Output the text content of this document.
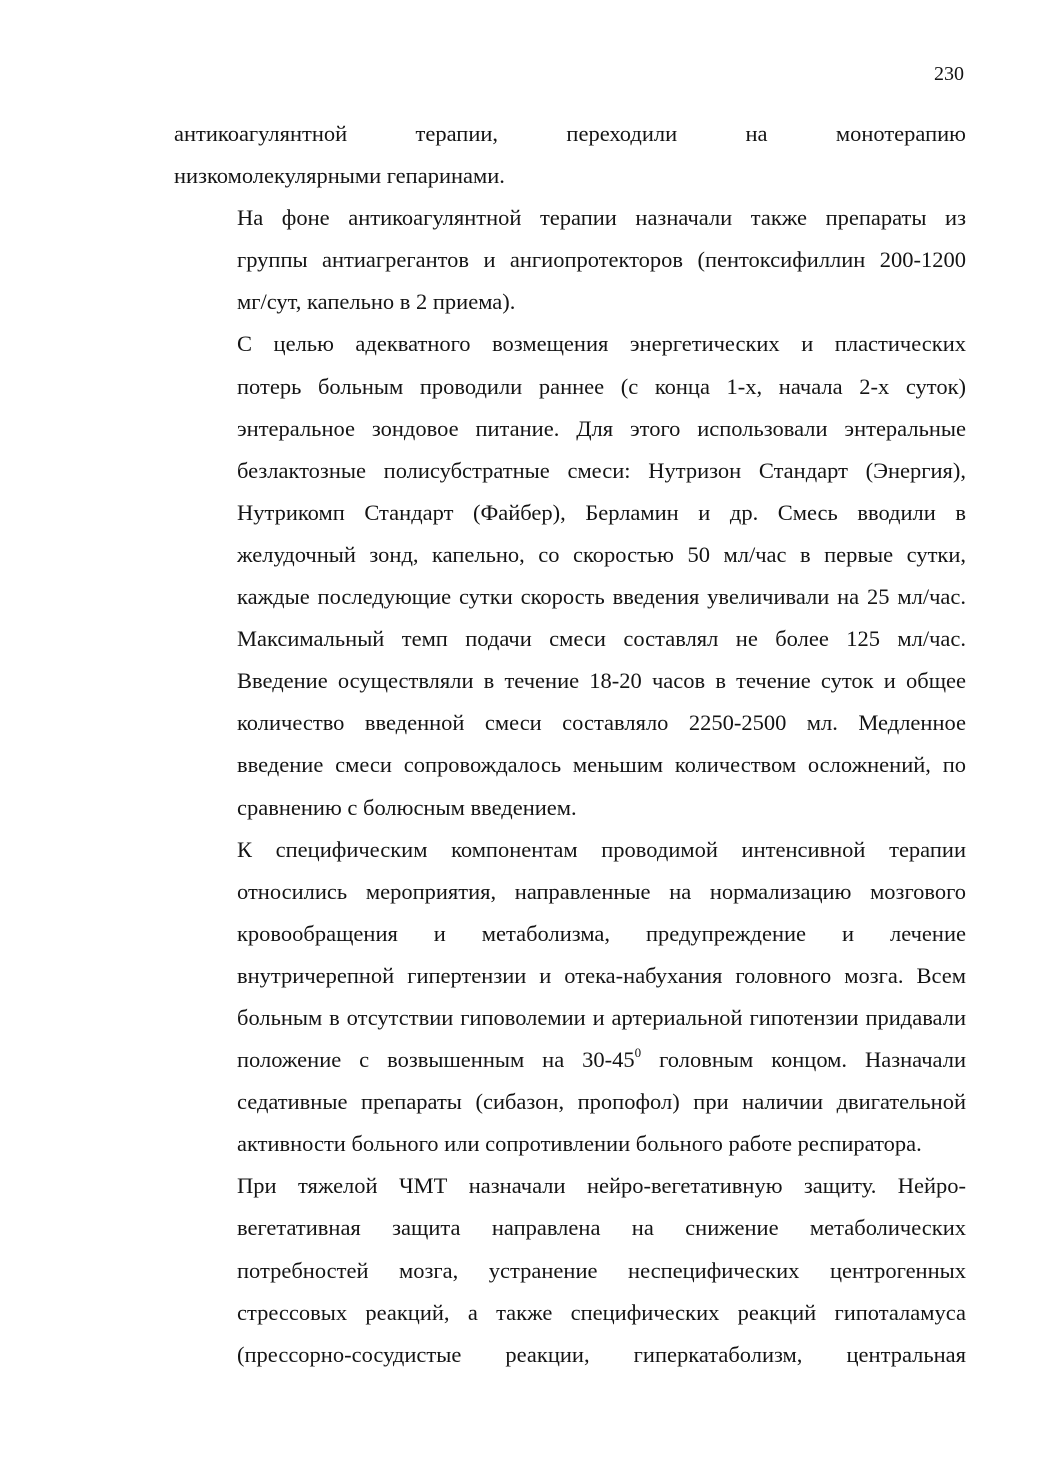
230

антикоагулянтной терапии, переходили на монотерапию
низкомолекулярными гепаринами.

На фоне антикоагулянтной терапии назначали также препараты из
группы антиагрегантов и ангиопротекторов (пентоксифиллин 200-1200
мг/сут, капельно в 2 приема).

С целью адекватного возмещения энергетических и пластических
потерь больным проводили раннее (с конца 1-х, начала 2-х суток)
энтеральное зондовое питание. Для этого использовали энтеральные
безлактозные полисубстратные смеси: Нутризон Стандарт (Энергия),
Нутрикомп Стандарт (Файбер), Берламин и др. Смесь вводили в
желудочный зонд, капельно, со скоростью 50 мл/час в первые сутки,
каждые последующие сутки скорость введения увеличивали на 25 мл/час.
Максимальный темп подачи смеси составлял не более 125 мл/час.
Введение осуществляли в течение 18-20 часов в течение суток и общее
количество введенной смеси составляло 2250-2500 мл. Медленное
введение смеси сопровождалось меньшим количеством осложнений, по
сравнению с болюсным введением.

К специфическим компонентам проводимой интенсивной терапии
относились мероприятия, направленные на нормализацию мозгового
кровообращения и метаболизма, предупреждение и лечение
внутричерепной гипертензии и отека-набухания головного мозга. Всем
больным в отсутствии гиповолемии и артериальной гипотензии придавали
положение с возвышенным на $30-45^0$ головным концом. Назначали
седативные препараты (сибазон, пропофол) при наличии двигательной
активности больного или сопротивлении больного работе респиратора.

При тяжелой ЧМТ назначали нейро-вегетативную защиту. Нейро-
вегетативная защита направлена на снижение метаболических
потребностей мозга, устранение неспецифических центрогенных
стрессовых реакций, а также специфических реакций гипоталамуса
(прессорно-сосудистые реакции, гиперкатаболизм, центральная
